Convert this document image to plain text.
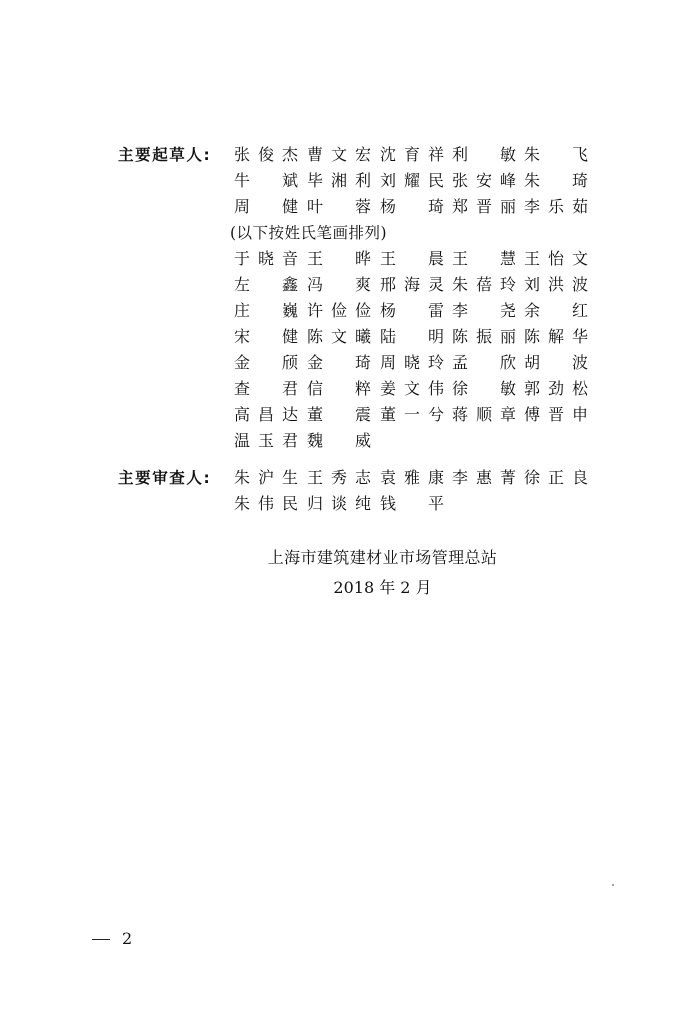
主要起草人:	张俊杰 曹文宏 沈育祥 利 敏 朱 飞
牛 斌 毕湘利 刘耀民 张安峰 朱 琦
周 健 叶 蓉 杨 琦 郑晋丽 李乐茹
(以下按姓氏笔画排列)
于晓音 王 晔 王 晨 王 慧 王怡文
左 鑫 冯 爽 邢海灵 朱蓓玲 刘洪波
庄 巍 许俭俭 杨 雷 李 尧 余 红
宋 健 陈文曦 陆 明 陈振丽 陈解华
金 颀 金 琦 周晓玲 孟 欣 胡 波
查 君 信 粹 姜文伟 徐 敏 郭劲松
高昌达 董 震 董一兮 蒋顺章 傅晋申
温玉君 魏 威
主要审查人:	朱沪生 王秀志 袁雅康 李惠菁 徐正良
朱伟民 归谈纯 钱 平
上海市建筑建材业市场管理总站
2018 年 2 月
2
